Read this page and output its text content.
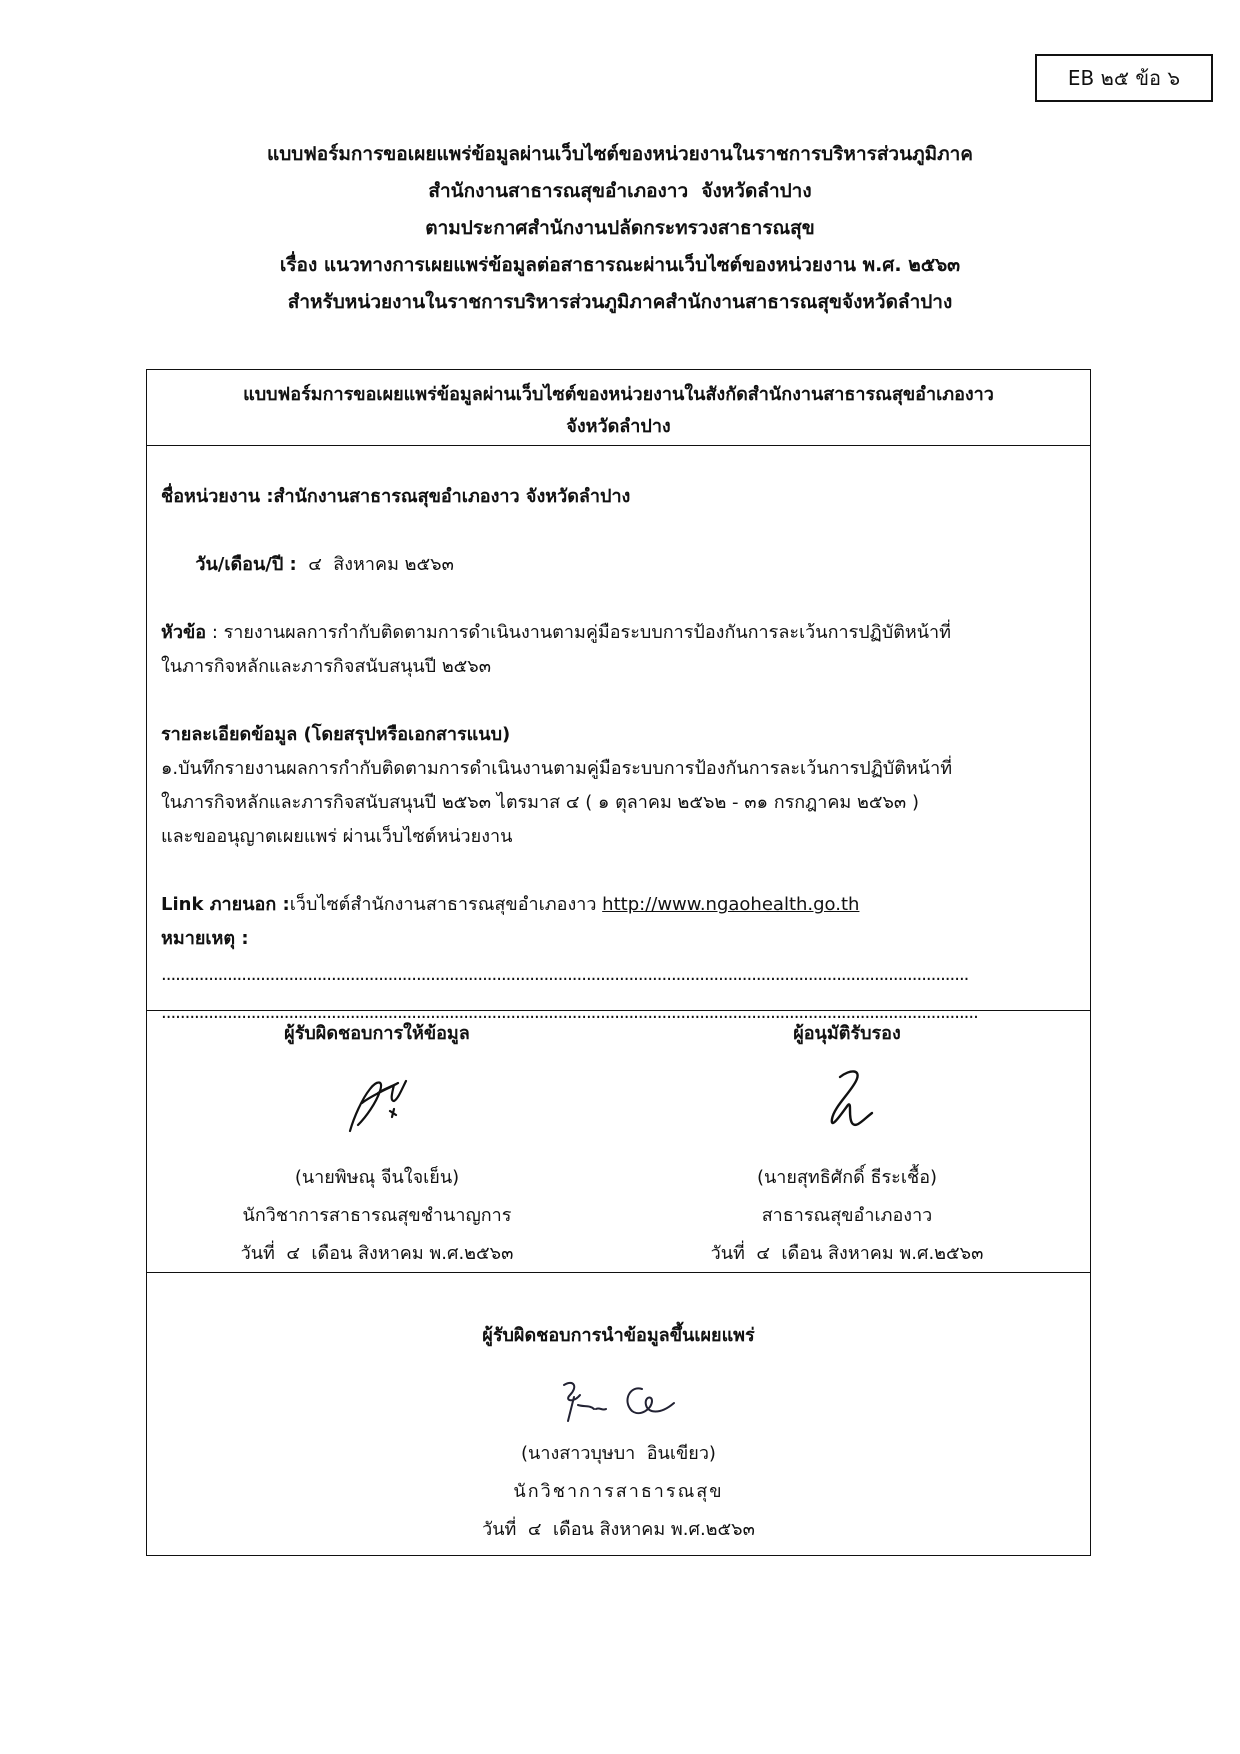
EB ๒๕ ข้อ ๖
แบบฟอร์มการขอเผยแพร่ข้อมูลผ่านเว็บไซต์ของหน่วยงานในราชการบริหารส่วนภูมิภาค
สำนักงานสาธารณสุขอำเภองาว  จังหวัดลำปาง
ตามประกาศสำนักงานปลัดกระทรวงสาธารณสุข
เรื่อง แนวทางการเผยแพร่ข้อมูลต่อสาธารณะผ่านเว็บไซต์ของหน่วยงาน พ.ศ. ๒๕๖๓
สำหรับหน่วยงานในราชการบริหารส่วนภูมิภาคสำนักงานสาธารณสุขจังหวัดลำปาง
แบบฟอร์มการขอเผยแพร่ข้อมูลผ่านเว็บไซต์ของหน่วยงานในสังกัดสำนักงานสาธารณสุขอำเภองาว
จังหวัดลำปาง
ชื่อหน่วยงาน :สำนักงานสาธารณสุขอำเภองาว จังหวัดลำปาง

วัน/เดือน/ปี :  ๔  สิงหาคม ๒๕๖๓

หัวข้อ : รายงานผลการกำกับติดตามการดำเนินงานตามคู่มือระบบการป้องกันการละเว้นการปฏิบัติหน้าที่
ในภารกิจหลักและภารกิจสนับสนุนปี ๒๕๖๓
รายละเอียดข้อมูล (โดยสรุปหรือเอกสารแนบ)
๑.บันทึกรายงานผลการกำกับติดตามการดำเนินงานตามคู่มือระบบการป้องกันการละเว้นการปฏิบัติหน้าที่
ในภารกิจหลักและภารกิจสนับสนุนปี ๒๕๖๓ ไตรมาส ๔ ( ๑ ตุลาคม ๒๕๖๒ - ๓๑ กรกฎาคม ๒๕๖๓ )
และขออนุญาตเผยแพร่ ผ่านเว็บไซต์หน่วยงาน
Link ภายนอก :เว็บไซต์สำนักงานสาธารณสุขอำเภองาว http://www.ngaohealth.go.th
หมายเหตุ :
...........................................................................................................................................................................
.............................................................................................................................................................................
ผู้รับผิดชอบการให้ข้อมูล
(นายพิษณุ จีนใจเย็น)
นักวิชาการสาธารณสุขชำนาญการ
วันที่  ๔  เดือน สิงหาคม พ.ศ.๒๕๖๓
ผู้อนุมัติรับรอง
(นายสุทธิศักดิ์ ธีระเชื้อ)
สาธารณสุขอำเภองาว
วันที่  ๔  เดือน สิงหาคม พ.ศ.๒๕๖๓
ผู้รับผิดชอบการนำข้อมูลขึ้นเผยแพร่
(นางสาวบุษบา  อินเขียว)
นักวิชาการสาธารณสุข
วันที่  ๔  เดือน สิงหาคม พ.ศ.๒๕๖๓
